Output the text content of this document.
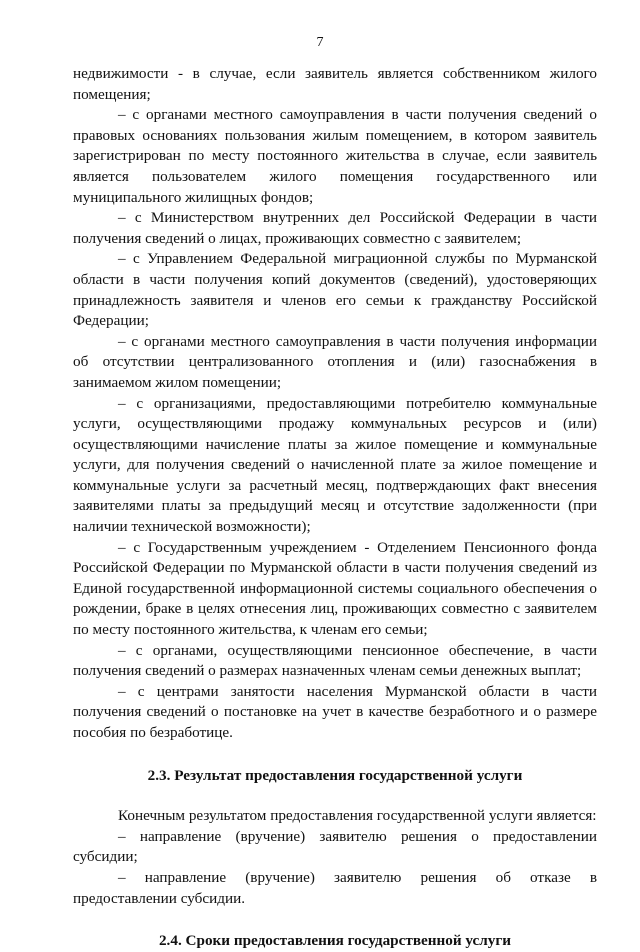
7

недвижимости - в случае, если заявитель является собственником жилого помещения;

– с органами местного самоуправления в части получения сведений о правовых основаниях пользования жилым помещением, в котором заявитель зарегистрирован по месту постоянного жительства в случае, если заявитель является пользователем жилого помещения государственного или муниципального жилищных фондов;

– с Министерством внутренних дел Российской Федерации в части получения сведений о лицах, проживающих совместно с заявителем;

– с Управлением Федеральной миграционной службы по Мурманской области в части получения копий документов (сведений), удостоверяющих принадлежность заявителя и членов его семьи к гражданству Российской Федерации;

– с органами местного самоуправления в части получения информации об отсутствии централизованного отопления и (или) газоснабжения в занимаемом жилом помещении;

– с организациями, предоставляющими потребителю коммунальные услуги, осуществляющими продажу коммунальных ресурсов и (или) осуществляющими начисление платы за жилое помещение и коммунальные услуги, для получения сведений о начисленной плате за жилое помещение и коммунальные услуги за расчетный месяц, подтверждающих факт внесения заявителями платы за предыдущий месяц и отсутствие задолженности (при наличии технической возможности);

– с Государственным учреждением - Отделением Пенсионного фонда Российской Федерации по Мурманской области в части получения сведений из Единой государственной информационной системы социального обеспечения о рождении, браке в целях отнесения лиц, проживающих совместно с заявителем по месту постоянного жительства, к членам его семьи;

– с органами, осуществляющими пенсионное обеспечение, в части получения сведений о размерах назначенных членам семьи денежных выплат;

– с центрами занятости населения Мурманской области в части получения сведений о постановке на учет в качестве безработного и о размере пособия по безработице.

2.3. Результат предоставления государственной услуги

Конечным результатом предоставления государственной услуги является:

– направление (вручение) заявителю решения о предоставлении субсидии;

– направление (вручение) заявителю решения об отказе в предоставлении субсидии.

2.4. Сроки предоставления государственной услуги
